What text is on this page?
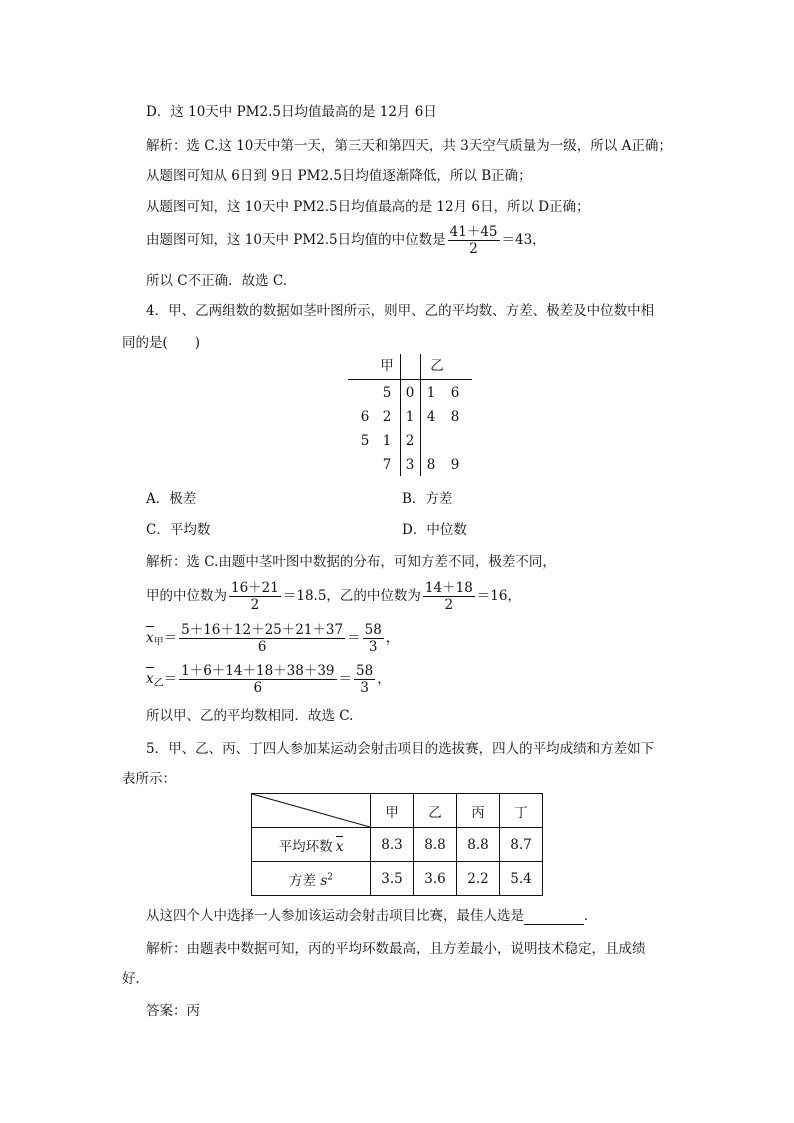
D．这 10天中 PM2.5日均值最高的是 12月 6日
解析：选 C.这 10天中第一天，第三天和第四天，共 3天空气质量为一级，所以 A正确；
从题图可知从 6日到 9日 PM2.5日均值逐渐降低，所以 B正确；
从题图可知，这 10天中 PM2.5日均值最高的是 12月 6日，所以 D正确；
由题图可知，这 10天中 PM2.5日均值的中位数是 $\frac{41+45}{2} =43$，
所以 C不正确．故选 C.
4．甲、乙两组数的数据如茎叶图所示，则甲、乙的平均数、方差、极差及中位数中相
同的是(　　)
甲	乙
5	0 1	6
6 2	1 4	8
5 1	2
7	3 8	9
A．极差	B．方差
C．平均数	D．中位数
解析：选 C.由题中茎叶图中数据的分布，可知方差不同，极差不同，
甲的中位数为 $\frac{16+21}{2} =18.5$，乙的中位数为 $\frac{14+18}{2} =16$，
$x_甲= \frac{5+16+12+25+21+37}{6} = \frac{58}{3}$ ，
$x_乙= \frac{1+6+14+18+38+39}{6} = \frac{58}{3}$ ，
所以甲、乙的平均数相同．故选 C.
5．甲、乙、丙、丁四人参加某运动会射击项目的选拔赛，四人的平均成绩和方差如下
表所示：
	甲	乙	丙	丁
平均环数 x	8.3	8.8	8.8	8.7
方差 $s^2$	3.5	3.6	2.2	5.4
从这四个人中选择一人参加该运动会射击项目比赛，最佳人选是	．
解析：由题表中数据可知，丙的平均环数最高，且方差最小，说明技术稳定，且成绩
好．
答案：丙
